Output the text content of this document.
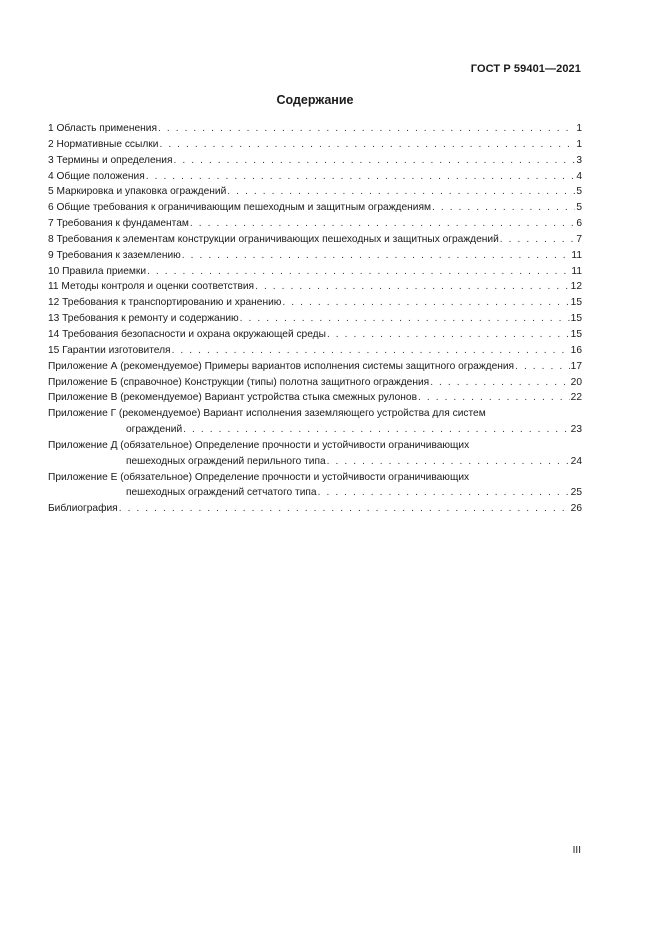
ГОСТ Р 59401—2021
Содержание
1 Область применения . . .	1
2 Нормативные ссылки . . .	1
3 Термины и определения . . .	3
4 Общие положения . . .	4
5 Маркировка и упаковка ограждений . . .	5
6 Общие требования к ограничивающим пешеходным и защитным ограждениям . . .	5
7 Требования к фундаментам . . .	6
8 Требования к элементам конструкции ограничивающих пешеходных и защитных ограждений . . .	7
9 Требования к заземлению . . .	11
10 Правила приемки . . .	11
11 Методы контроля и оценки соответствия . . .	12
12 Требования к транспортированию и хранению . . .	15
13 Требования к ремонту и содержанию . . .	15
14 Требования безопасности и охрана окружающей среды . . .	15
15 Гарантии изготовителя . . .	16
Приложение А (рекомендуемое) Примеры вариантов исполнения системы защитного ограждения . . .	17
Приложение Б (справочное) Конструкции (типы) полотна защитного ограждения . . .	20
Приложение В (рекомендуемое) Вариант устройства стыка смежных рулонов . . .	22
Приложение Г (рекомендуемое) Вариант исполнения заземляющего устройства для систем
ограждений . . .	23
Приложение Д (обязательное) Определение прочности и устойчивости ограничивающих
пешеходных ограждений перильного типа . . .	24
Приложение Е (обязательное) Определение прочности и устойчивости ограничивающих
пешеходных ограждений сетчатого типа . . .	25
Библиография . . .	26
III
